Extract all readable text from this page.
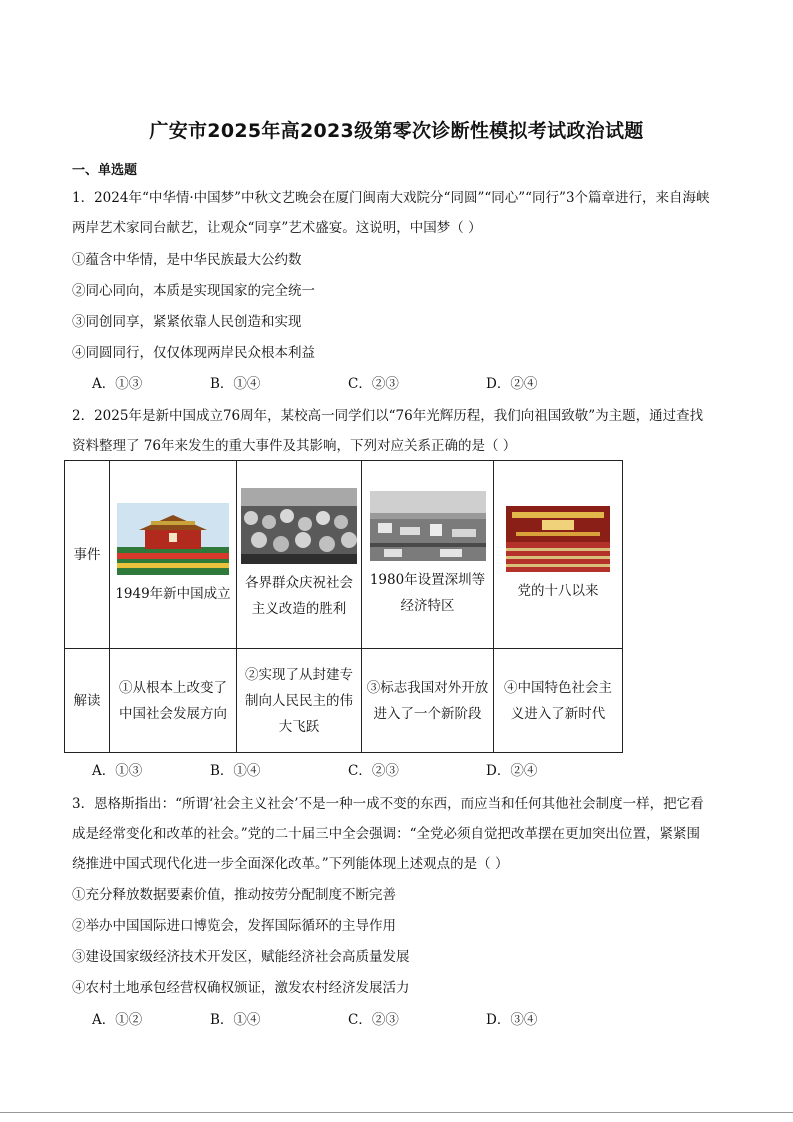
广安市2025年高2023级第零次诊断性模拟考试政治试题
一、单选题
1．2024年“中华情·中国梦”中秋文艺晚会在厦门闽南大戏院分“同圆”“同心”“同行”3个篇章进行，来自海峡
两岸艺术家同台献艺，让观众“同享”艺术盛宴。这说明，中国梦（ ）
①蕴含中华情，是中华民族最大公约数
②同心同向，本质是实现国家的完全统一
③同创同享，紧紧依靠人民创造和实现
④同圆同行，仅仅体现两岸民众根本利益
A．①③	B．①④	C．②③	D．②④
2．2025年是新中国成立76周年，某校高一同学们以“76年光辉历程，我们向祖国致敬”为主题，通过查找
资料整理了 76年来发生的重大事件及其影响，下列对应关系正确的是（ ）
事件	1949年新中国成立	各界群众庆祝社会主义改造的胜利	1980年设置深圳等经济特区	党的十八以来
解读	①从根本上改变了中国社会发展方向	②实现了从封建专制向人民民主的伟大飞跃	③标志我国对外开放进入了一个新阶段	④中国特色社会主义进入了新时代
A．①③	B．①④	C．②③	D．②④
3．恩格斯指出：“所谓‘社会主义社会’不是一种一成不变的东西，而应当和任何其他社会制度一样，把它看
成是经常变化和改革的社会。”党的二十届三中全会强调：“全党必须自觉把改革摆在更加突出位置，紧紧围
绕推进中国式现代化进一步全面深化改革。”下列能体现上述观点的是（ ）
①充分释放数据要素价值，推动按劳分配制度不断完善
②举办中国国际进口博览会，发挥国际循环的主导作用
③建设国家级经济技术开发区，赋能经济社会高质量发展
④农村土地承包经营权确权颁证，激发农村经济发展活力
A．①②	B．①④	C．②③	D．③④
